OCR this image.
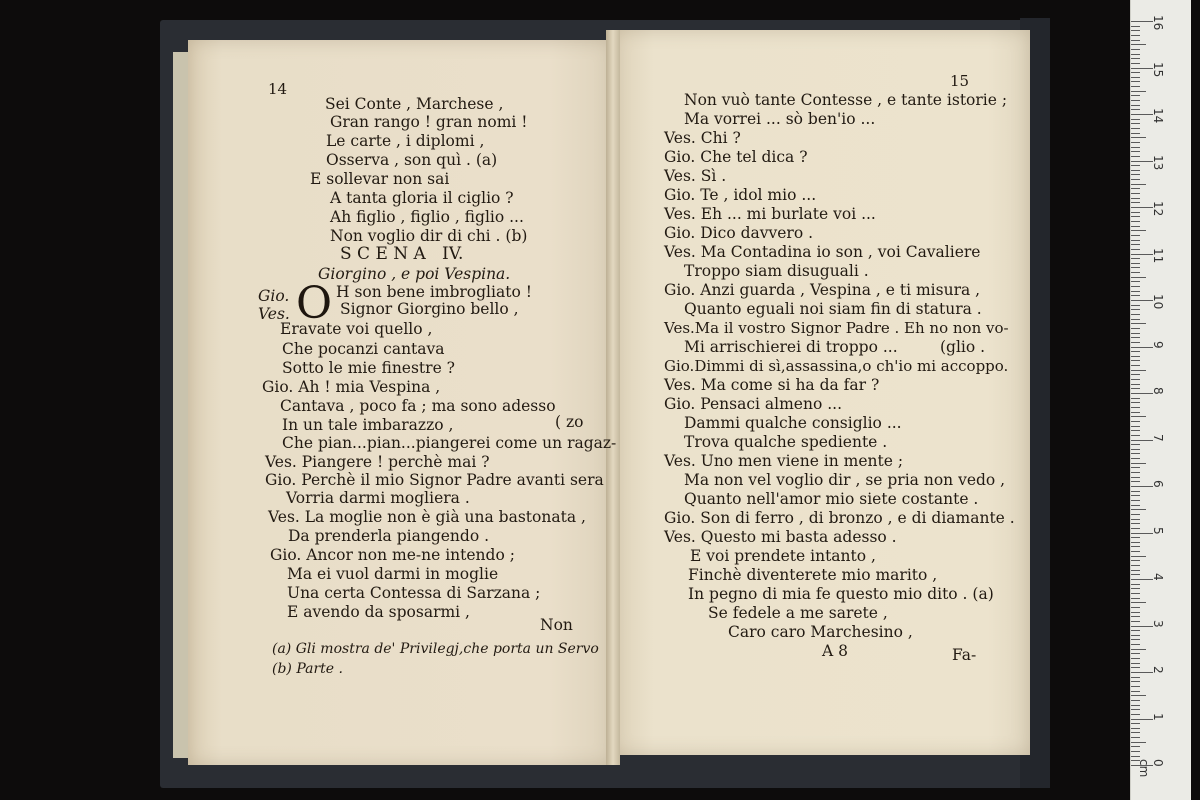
14
Sei Conte , Marchese ,
Gran rango ! gran nomi !
Le carte , i diplomi ,
Osserva , son quì . (a)
E sollevar non sai
A tanta gloria il ciglio ?
Ah figlio , figlio , figlio ...
Non voglio dir di chi . (b)
S C E N A   IV.
Giorgino , e poi Vespina.
O
Gio.	H son bene imbrogliato !
Ves.	Signor Giorgino bello ,
Eravate voi quello ,
Che pocanzi cantava
Sotto le mie finestre ?
Gio. Ah ! mia Vespina ,
Cantava , poco fa ; ma sono adesso
In un tale imbarazzo ,	( zo
Che pian...pian...piangerei come un ragaz-
Ves. Piangere ! perchè mai ?
Gio. Perchè il mio Signor Padre avanti sera
Vorria darmi mogliera .
Ves. La moglie non è già una bastonata ,
Da prenderla piangendo .
Gio. Ancor non me-ne intendo ;
Ma ei vuol darmi in moglie
Una certa Contessa di Sarzana ;
E avendo da sposarmi ,
Non
(a) Gli mostra de' Privilegj,che porta un Servo
(b) Parte .
15
Non vuò tante Contesse , e tante istorie ;
Ma vorrei ... sò ben'io ...
Ves. Chi ?
Gio. Che tel dica ?
Ves. Sì .
Gio. Te , idol mio ...
Ves. Eh ... mi burlate voi ...
Gio. Dico davvero .
Ves. Ma Contadina io son , voi Cavaliere
Troppo siam disuguali .
Gio. Anzi guarda , Vespina , e ti misura ,
Quanto eguali noi siam fin di statura .
Ves.Ma il vostro Signor Padre . Eh no non vo-
Mi arrischierei di troppo ...	(glio .
Gio.Dimmi di sì,assassina,o ch'io mi accoppo.
Ves. Ma come si ha da far ?
Gio. Pensaci almeno ...
Dammi qualche consiglio ...
Trova qualche spediente .
Ves. Uno men viene in mente ;
Ma non vel voglio dir , se pria non vedo ,
Quanto nell'amor mio siete costante .
Gio. Son di ferro , di bronzo , e di diamante .
Ves. Questo mi basta adesso .
E voi prendete intanto ,
Finchè diventerete mio marito ,
In pegno di mia fe questo mio dito . (a)
Se fedele a me sarete ,
Caro caro Marchesino ,
A 8	Fa-
0 cm
1
2
3
4
5
6
7
8
9
10
11
12
13
14
15
16
